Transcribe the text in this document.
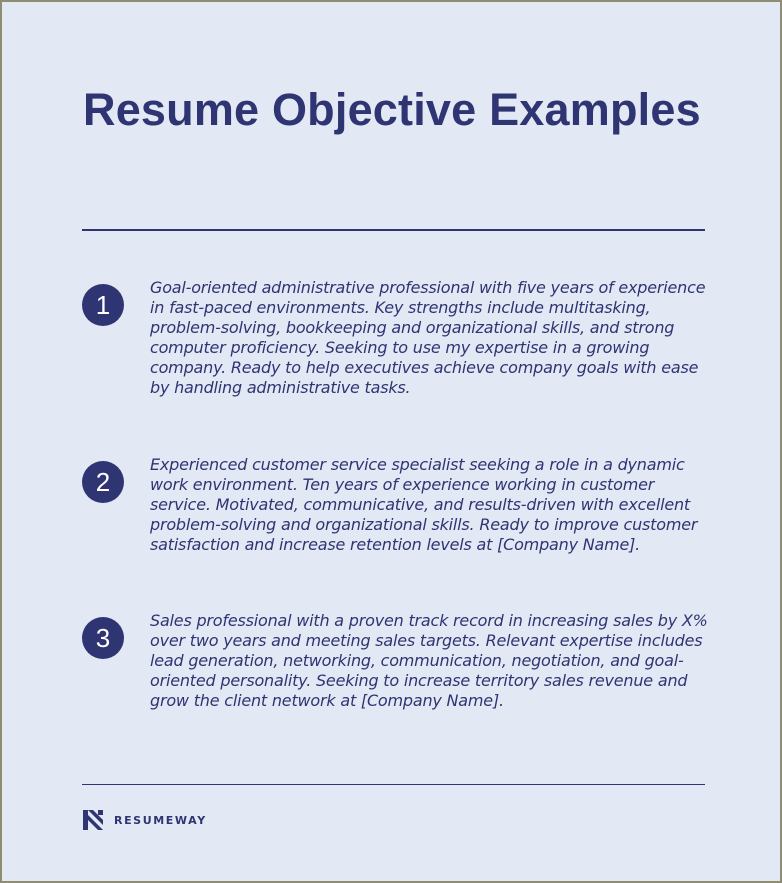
Resume Objective Examples
1

Goal-oriented administrative professional with five years of experience in fast-paced environments. Key strengths include multitasking, problem-solving, bookkeeping and organizational skills, and strong computer proficiency. Seeking to use my expertise in a growing company. Ready to help executives achieve company goals with ease by handling administrative tasks.

2

Experienced customer service specialist seeking a role in a dynamic work environment. Ten years of experience working in customer service. Motivated, communicative, and results-driven with excellent problem-solving and organizational skills. Ready to improve customer satisfaction and increase retention levels at [Company Name].

3

Sales professional with a proven track record in increasing sales by X% over two years and meeting sales targets. Relevant expertise includes lead generation, networking, communication, negotiation, and goal-oriented personality. Seeking to increase territory sales revenue and grow the client network at [Company Name].

RESUMEWAY
